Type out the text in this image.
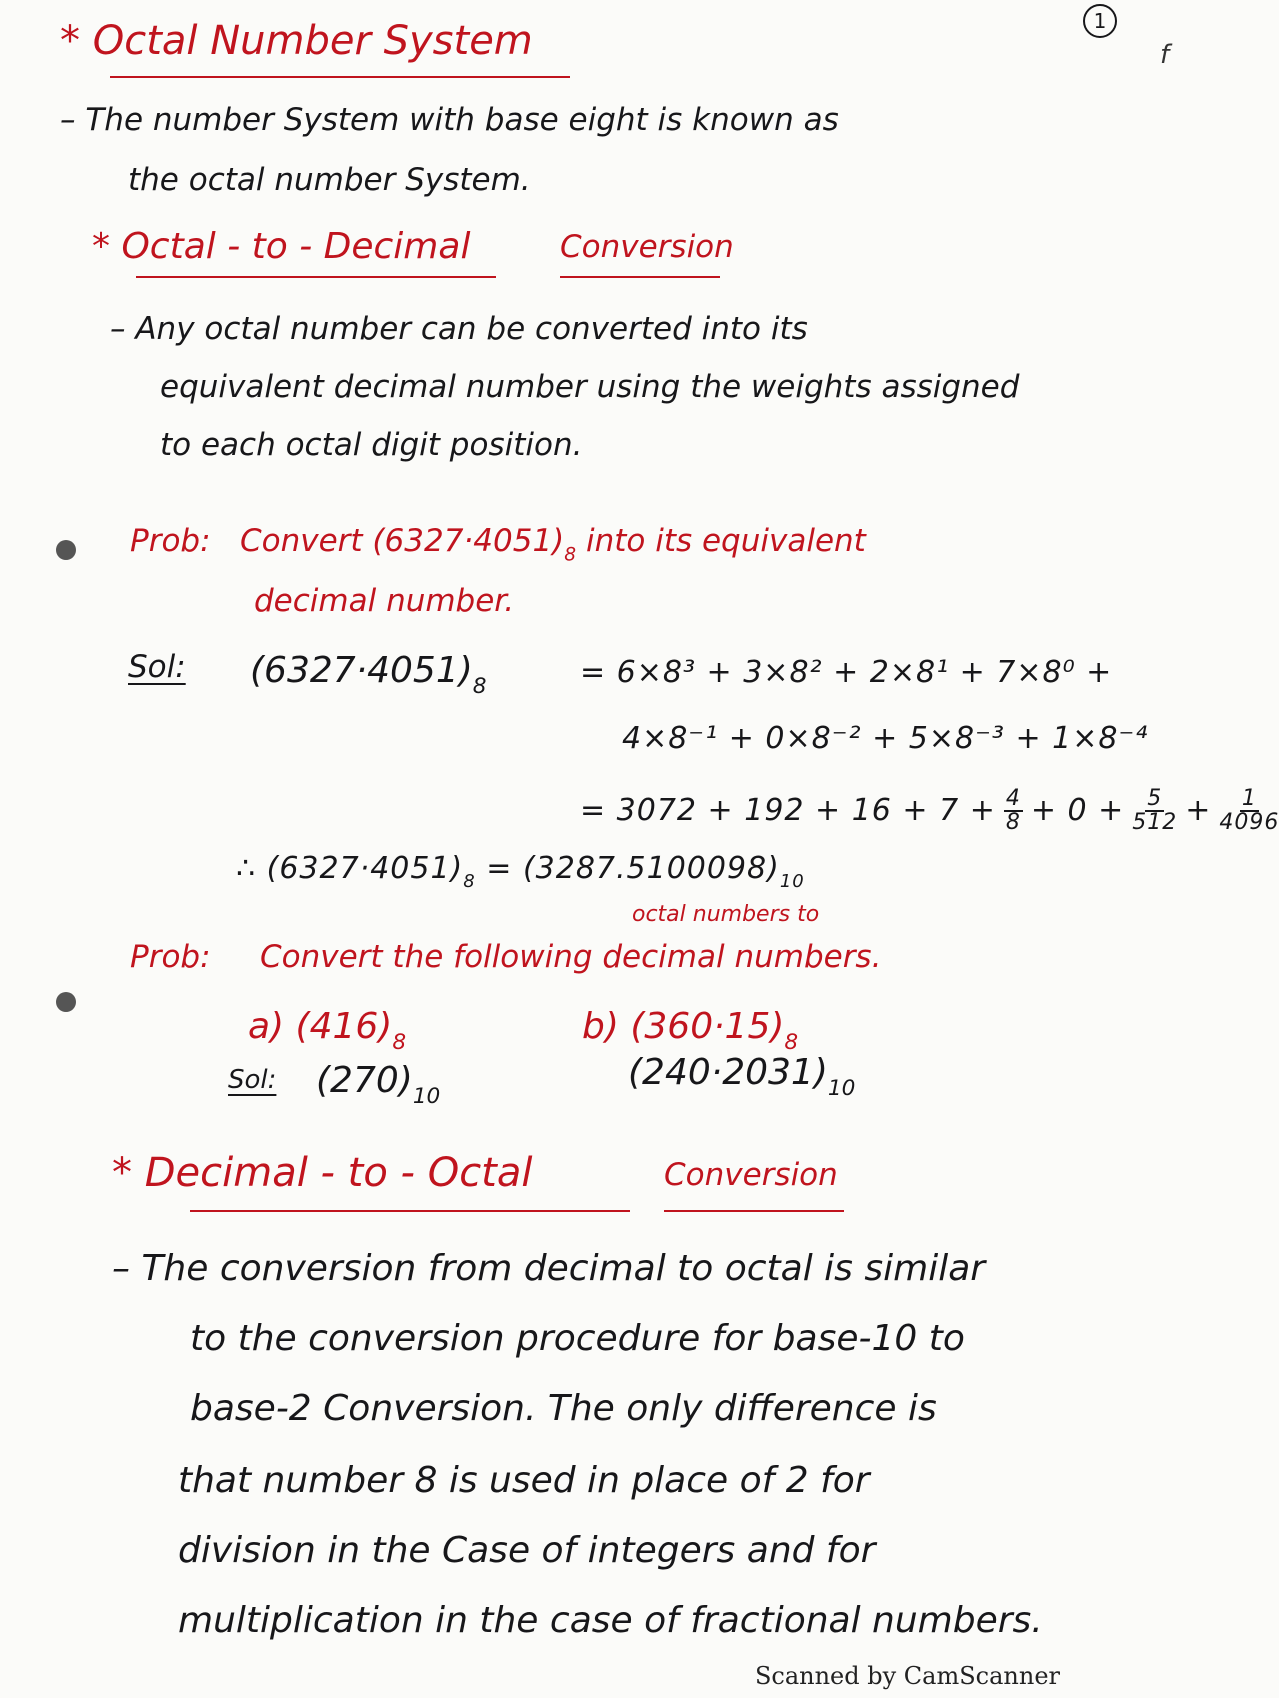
1
f
* Octal Number System
– The number System with base eight is known as
the octal number System.
* Octal - to - Decimal	Conversion
– Any octal number can be converted into its
equivalent decimal number using the weights assigned
to each octal digit position.
Prob: Convert $(6327\cdot 4051)_8$ into its equivalent
decimal number.
Sol: $(6327\cdot 4051)_8$	= 6×8³ + 3×8² + 2×8¹ + 7×8⁰ +
4×8⁻¹ + 0×8⁻² + 5×8⁻³ + 1×8⁻⁴
= $3072 + 192 + 16 + 7 + \frac{4}{8} + 0 + \frac{5}{512} + \frac{1}{4096}$
∴ $(6327\cdot 4051)_8 = (3287.5100098)_{10}$
octal numbers to
Prob: Convert the following decimal numbers.
a) $(416)_8$	b) $(360\cdot 15)_8$
Sol: $(270)_{10}$
$(240\cdot 2031)_{10}$
* Decimal - to - Octal	Conversion
– The conversion from decimal to octal is similar
to the conversion procedure for base-10 to
base-2 Conversion. The only difference is
that number 8 is used in place of 2 for
division in the Case of integers and for
multiplication in the case of fractional numbers.
Scanned by CamScanner
